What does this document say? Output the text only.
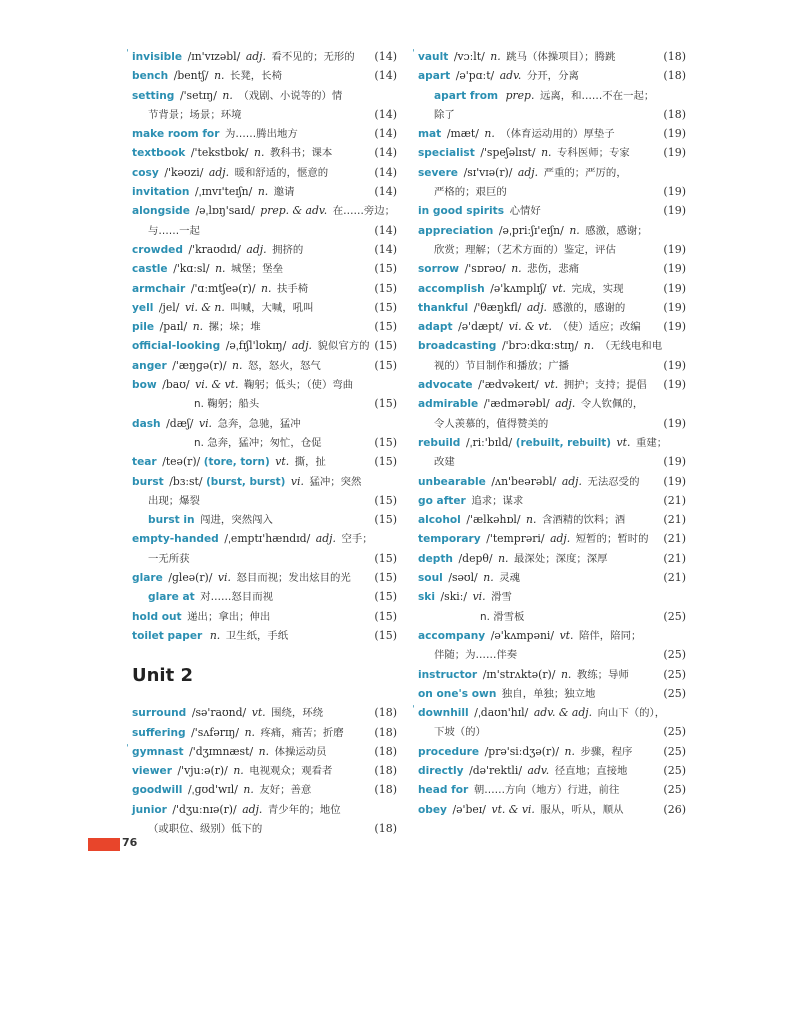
ˈ invisible /ɪn'vɪzəbl/ adj. 看不见的；无形的 (14)
bench /bentʃ/ n. 长凳，长椅	(14)
setting /'setɪŋ/ n. （戏剧、小说等的）情
节背景；场景；环境	(14)
make room for 为……腾出地方	(14)
textbook /'tekstbʊk/ n. 教科书；课本	(14)
cosy /'kəʊzi/ adj. 暖和舒适的，惬意的	(14)
invitation /ˌɪnvɪ'teɪʃn/ n. 邀请	(14)
alongside /əˌlɒŋ'saɪd/ prep. & adv. 在……旁边；
与……一起	(14)
crowded /'kraʊdɪd/ adj. 拥挤的	(14)
castle /'kɑːsl/ n. 城堡；堡垒	(15)
armchair /'ɑːmtʃeə(r)/ n. 扶手椅	(15)
yell /jel/ vi. & n. 叫喊，大喊，吼叫	(15)
pile /paɪl/ n. 摞；垛；堆	(15)
official-looking /əˌfɪʃl'lʊkɪŋ/ adj. 貌似官方的 (15)
anger /'æŋɡə(r)/ n. 怒，怒火，怒气	(15)
bow /baʊ/ vi. & vt. 鞠躬；低头；（使）弯曲
n. 鞠躬；船头	(15)
dash /dæʃ/ vi. 急奔，急驰，猛冲
n. 急奔，猛冲；匆忙，仓促	(15)
tear /teə(r)/ (tore, torn) vt. 撕，扯	(15)
burst /bɜːst/ (burst, burst) vi. 猛冲；突然
出现；爆裂	(15)
burst in 闯进，突然闯入	(15)
empty-handed /ˌemptɪ'hændɪd/ adj. 空手；
一无所获	(15)
glare /ɡleə(r)/ vi. 怒目而视；发出炫目的光 (15)
glare at 对……怒目而视	(15)
hold out 递出；拿出；伸出	(15)
toilet paper n. 卫生纸，手纸	(15)
Unit 2
surround /sə'raʊnd/ vt. 围绕，环绕	(18)
suffering /'sʌfərɪŋ/ n. 疼痛，痛苦；折磨	(18)
ˈ gymnast /'dʒɪmnæst/ n. 体操运动员	(18)
viewer /'vjuːə(r)/ n. 电视观众；观看者	(18)
goodwill /ˌɡʊd'wɪl/ n. 友好；善意	(18)
junior /'dʒuːnɪə(r)/ adj. 青少年的；地位
（或职位、级别）低下的	(18)
ˈ vault /vɔːlt/ n. 跳马（体操项目）；腾跳	(18)
apart /ə'pɑːt/ adv. 分开，分离	(18)
apart from prep. 远离，和……不在一起；
除了	(18)
mat /mæt/ n. （体育运动用的）厚垫子	(19)
specialist /'speʃəlɪst/ n. 专科医师；专家	(19)
severe /sɪ'vɪə(r)/ adj. 严重的；严厉的，
严格的；艰巨的	(19)
in good spirits 心情好	(19)
appreciation /əˌpriːʃɪ'eɪʃn/ n. 感激，感谢；
欣赏；理解；（艺术方面的）鉴定，评估	(19)
sorrow /'sɒrəʊ/ n. 悲伤，悲痛	(19)
accomplish /ə'kʌmplɪʃ/ vt. 完成，实现	(19)
thankful /'θæŋkfl/ adj. 感激的，感谢的	(19)
adapt /ə'dæpt/ vi. & vt. （使）适应；改编 (19)
broadcasting /'brɔːdkɑːstɪŋ/ n. （无线电和电
视的）节目制作和播放；广播	(19)
advocate /'ædvəkeɪt/ vt. 拥护；支持；提倡 (19)
admirable /'ædmərəbl/ adj. 令人钦佩的，
令人羡慕的，值得赞美的	(19)
rebuild /ˌriː'bɪld/ (rebuilt, rebuilt) vt. 重建；
改建	(19)
unbearable /ʌn'beərəbl/ adj. 无法忍受的 (19)
go after 追求；谋求	(21)
alcohol /'ælkəhɒl/ n. 含酒精的饮料；酒	(21)
temporary /'temprəri/ adj. 短暂的；暂时的 (21)
depth /depθ/ n. 最深处；深度；深厚	(21)
soul /səʊl/ n. 灵魂	(21)
ski /skiː/ vi. 滑雪
n. 滑雪板	(25)
accompany /ə'kʌmpəni/ vt. 陪伴，陪同；
伴随；为……伴奏	(25)
instructor /ɪn'strʌktə(r)/ n. 教练；导师	(25)
on one's own 独自，单独；独立地	(25)
ˈ downhill /ˌdaʊn'hɪl/ adv. & adj. 向山下（的），
下坡（的）	(25)
procedure /prə'siːdʒə(r)/ n. 步骤，程序	(25)
directly /də'rektli/ adv. 径直地；直接地	(25)
head for 朝……方向（地方）行进，前往	(25)
obey /ə'beɪ/ vt. & vi. 服从，听从，顺从	(26)
76
